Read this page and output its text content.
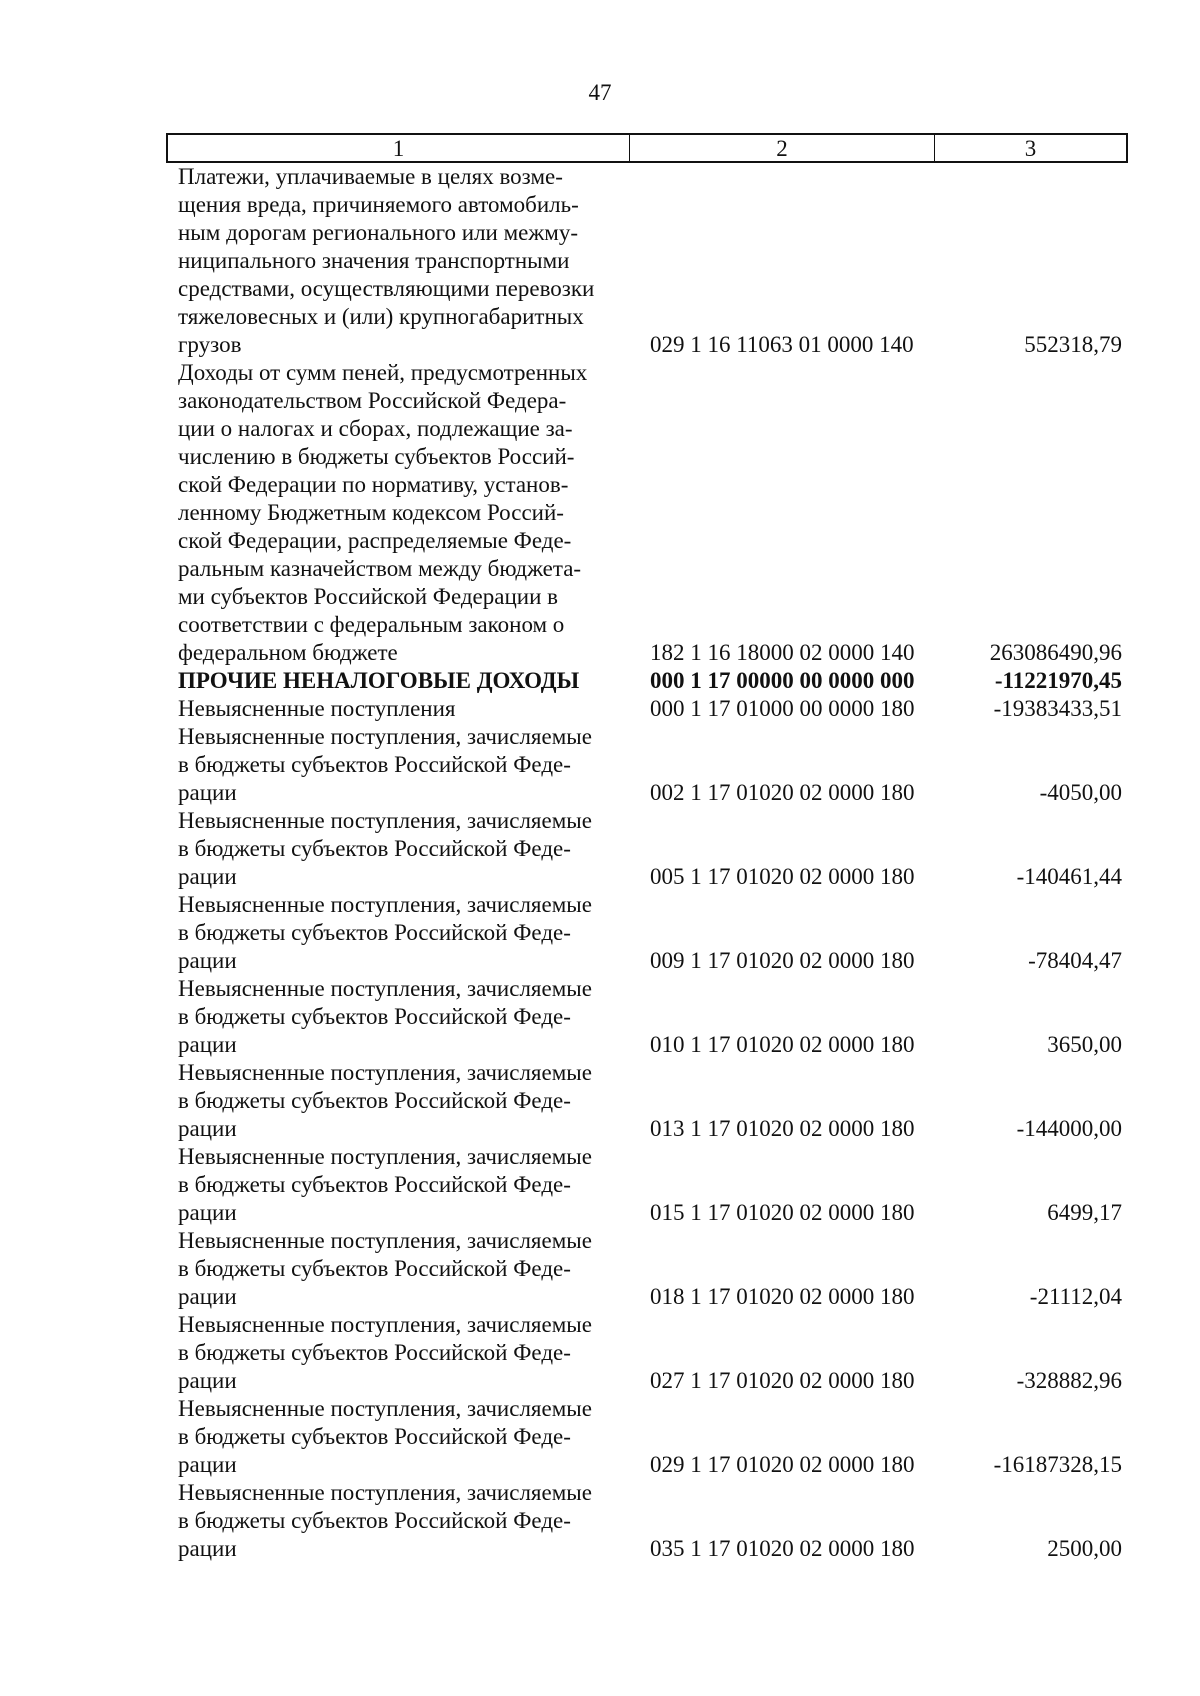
47
1	2	3
Платежи, уплачиваемые в целях возме-
щения вреда, причиняемого автомобиль-
ным дорогам регионального или межму-
ниципального значения транспортными
средствами, осуществляющими перевозки
тяжеловесных и (или) крупногабаритных
грузов	029 1 16 11063 01 0000 140	552318,79
Доходы от сумм пеней, предусмотренных
законодательством Российской Федера-
ции о налогах и сборах, подлежащие за-
числению в бюджеты субъектов Россий-
ской Федерации по нормативу, установ-
ленному Бюджетным кодексом Россий-
ской Федерации, распределяемые Феде-
ральным казначейством между бюджета-
ми субъектов Российской Федерации в
соответствии с федеральным законом о
федеральном бюджете	182 1 16 18000 02 0000 140	263086490,96
ПРОЧИЕ НЕНАЛОГОВЫЕ ДОХОДЫ	000 1 17 00000 00 0000 000	-11221970,45
Невыясненные поступления	000 1 17 01000 00 0000 180	-19383433,51
Невыясненные поступления, зачисляемые
в бюджеты субъектов Российской Феде-
рации	002 1 17 01020 02 0000 180	-4050,00
Невыясненные поступления, зачисляемые
в бюджеты субъектов Российской Феде-
рации	005 1 17 01020 02 0000 180	-140461,44
Невыясненные поступления, зачисляемые
в бюджеты субъектов Российской Феде-
рации	009 1 17 01020 02 0000 180	-78404,47
Невыясненные поступления, зачисляемые
в бюджеты субъектов Российской Феде-
рации	010 1 17 01020 02 0000 180	3650,00
Невыясненные поступления, зачисляемые
в бюджеты субъектов Российской Феде-
рации	013 1 17 01020 02 0000 180	-144000,00
Невыясненные поступления, зачисляемые
в бюджеты субъектов Российской Феде-
рации	015 1 17 01020 02 0000 180	6499,17
Невыясненные поступления, зачисляемые
в бюджеты субъектов Российской Феде-
рации	018 1 17 01020 02 0000 180	-21112,04
Невыясненные поступления, зачисляемые
в бюджеты субъектов Российской Феде-
рации	027 1 17 01020 02 0000 180	-328882,96
Невыясненные поступления, зачисляемые
в бюджеты субъектов Российской Феде-
рации	029 1 17 01020 02 0000 180	-16187328,15
Невыясненные поступления, зачисляемые
в бюджеты субъектов Российской Феде-
рации	035 1 17 01020 02 0000 180	2500,00
